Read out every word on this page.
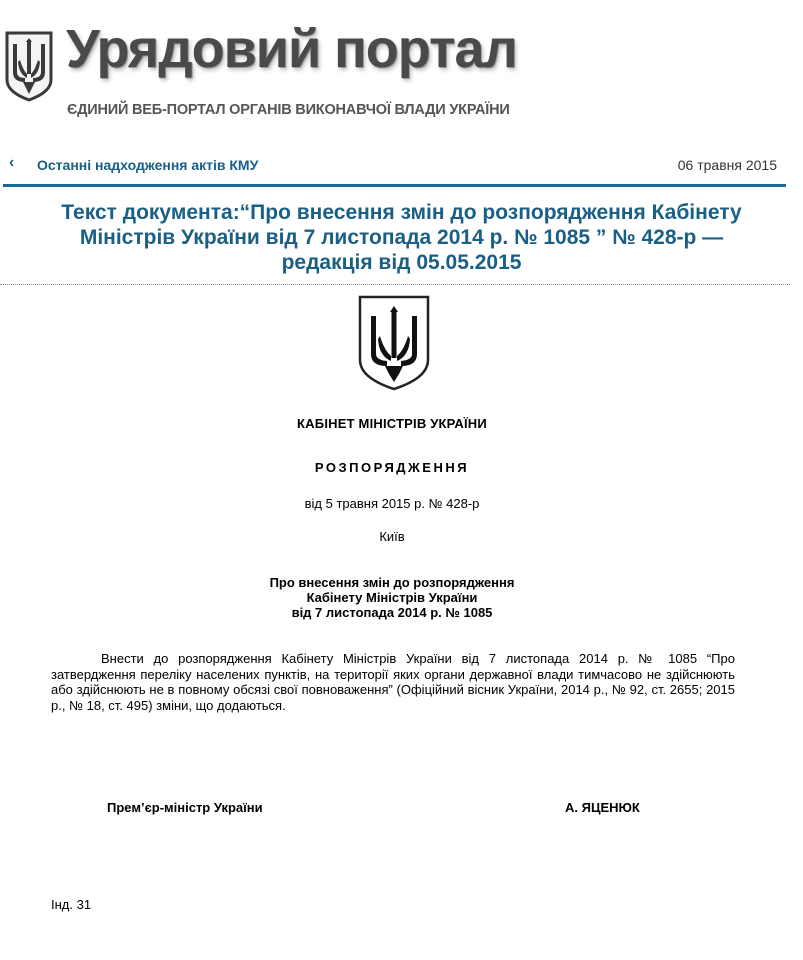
Урядовий портал
ЄДИНИЙ ВЕБ-ПОРТАЛ ОРГАНІВ ВИКОНАВЧОЇ ВЛАДИ УКРАЇНИ
‹ Останні надходження актів КМУ	06 травня 2015
Текст документа:“Про внесення змін до розпорядження Кабінету
Міністрів України від 7 листопада 2014 р. № 1085 ” № 428-р —
редакція від 05.05.2015
КАБІНЕТ МІНІСТРІВ УКРАЇНИ
РОЗПОРЯДЖЕННЯ
від 5 травня 2015 р. № 428-р
Київ
Про внесення змін до розпорядження
Кабінету Міністрів України
від 7 листопада 2014 р. № 1085
Внести до розпорядження Кабінету Міністрів України від 7 листопада 2014 р. № 1085 “Про затвердження переліку населених пунктів, на території яких органи державної влади тимчасово не здійснюють або здійснюють не в повному обсязі свої повноваження” (Офіційний вісник України, 2014 р., № 92, ст. 2655; 2015 р., № 18, ст. 495) зміни, що додаються.
Прем’єр-міністр України	А. ЯЦЕНЮК
Інд. 31
